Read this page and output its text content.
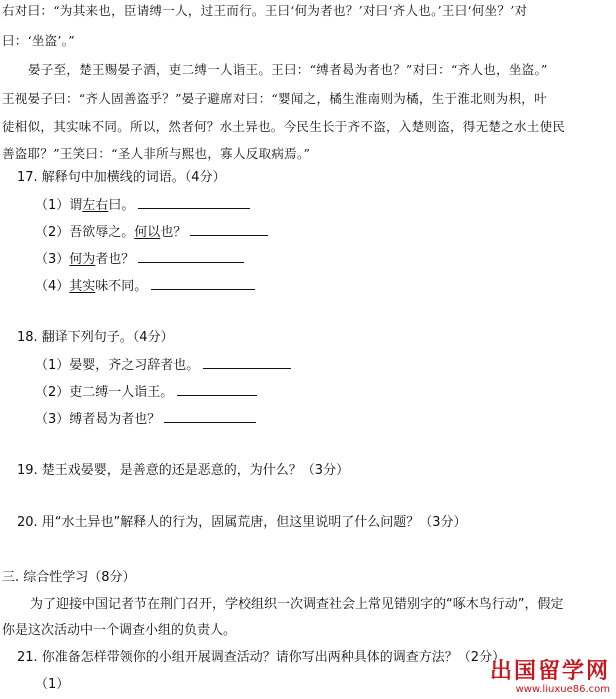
右对曰：“为其来也，臣请缚一人，过王而行。王曰‘何为者也？’对曰‘齐人也。’王曰‘何坐？’对
曰：‘坐盗’。”
晏子至，楚王赐晏子酒，吏二缚一人诣王。王曰：“缚者曷为者也？”对曰：“齐人也，坐盗。”
王视晏子曰：“齐人固善盗乎？”晏子避席对曰：“婴闻之，橘生淮南则为橘，生于淮北则为枳，叶
徒相似，其实味不同。所以，然者何？水土异也。今民生长于齐不盗，入楚则盗，得无楚之水土使民
善盗耶？”王笑曰：“圣人非所与熙也，寡人反取病焉。”
17. 解释句中加横线的词语。（4分）
（1）谓左右曰。
（2）吾欲辱之。何以也？
（3）何为者也？
（4）其实味不同。
18. 翻译下列句子。（4分）
（1）晏婴，齐之习辞者也。
（2）吏二缚一人诣王。
（3）缚者曷为者也？
19. 楚王戏晏婴，是善意的还是恶意的，为什么？（3分）
20. 用“水土异也”解释人的行为，固属荒唐，但这里说明了什么问题？（3分）
三. 综合性学习（8分）
为了迎接中国记者节在荆门召开，学校组织一次调查社会上常见错别字的“啄木鸟行动”，假定
你是这次活动中一个调查小组的负责人。
21. 你准备怎样带领你的小组开展调查活动？请你写出两种具体的调查方法？（2分）
（1）
出国留学网
www.liuxue86.com
